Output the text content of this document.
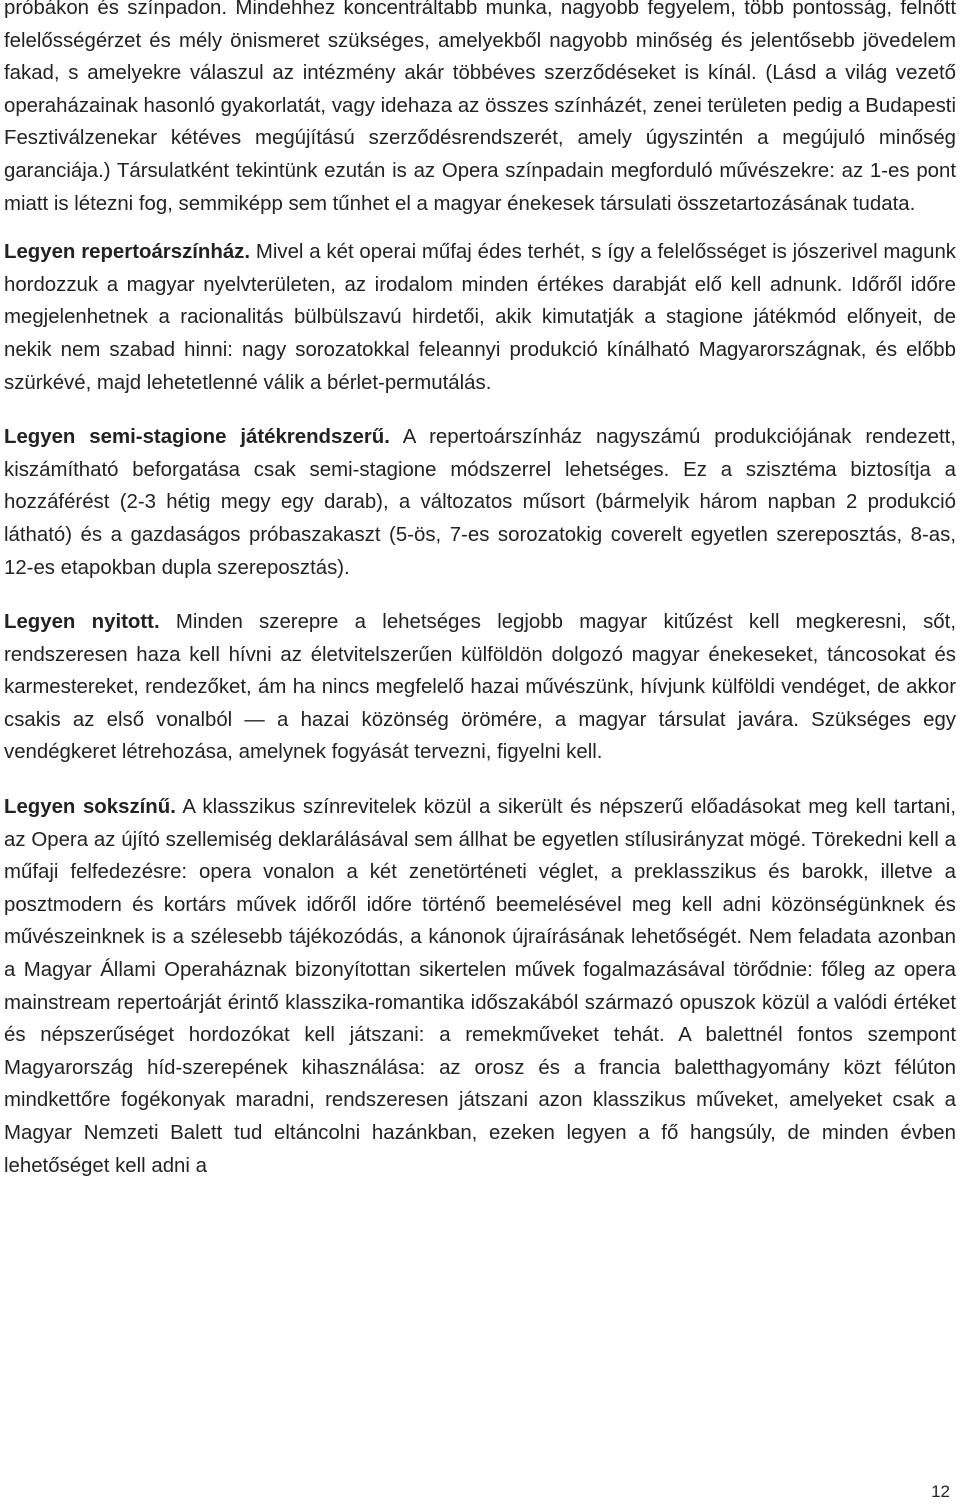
próbákon és színpadon. Mindehhez koncentráltabb munka, nagyobb fegyelem, több pontosság, felnőtt felelősségérzet és mély önismeret szükséges, amelyekből nagyobb minőség és jelentősebb jövedelem fakad, s amelyekre válaszul az intézmény akár többéves szerződéseket is kínál. (Lásd a világ vezető operaházainak hasonló gyakorlatát, vagy idehaza az összes színházét, zenei területen pedig a Budapesti Fesztiválzenekar kétéves megújítású szerződésrendszerét, amely úgyszintén a megújuló minőség garanciája.) Társulatként tekintünk ezután is az Opera színpadain megforduló művészekre: az 1-es pont miatt is létezni fog, semmiképp sem tűnhet el a magyar énekesek társulati összetartozásának tudata.

Legyen repertoárszínház. Mivel a két operai műfaj édes terhét, s így a felelősséget is jószerivel magunk hordozzuk a magyar nyelvterületen, az irodalom minden értékes darabját elő kell adnunk. Időről időre megjelenhetnek a racionalitás bülbülszavú hirdetői, akik kimutatják a stagione játékmód előnyeit, de nekik nem szabad hinni: nagy sorozatokkal feleannyi produkció kínálható Magyarországnak, és előbb szürkévé, majd lehetetlenné válik a bérlet-permutálás.

Legyen semi-stagione játékrendszerű. A repertoárszínház nagyszámú produkciójának rendezett, kiszámítható beforgatása csak semi-stagione módszerrel lehetséges. Ez a szisztéma biztosítja a hozzáférést (2-3 hétig megy egy darab), a változatos műsort (bármelyik három napban 2 produkció látható) és a gazdaságos próbaszakaszt (5-ös, 7-es sorozatokig coverelt egyetlen szereposztás, 8-as, 12-es etapokban dupla szereposztás).

Legyen nyitott. Minden szerepre a lehetséges legjobb magyar kitűzést kell megkeresni, sőt, rendszeresen haza kell hívni az életvitelszerűen külföldön dolgozó magyar énekeseket, táncosokat és karmestereket, rendezőket, ám ha nincs megfelelő hazai művészünk, hívjunk külföldi vendéget, de akkor csakis az első vonalból — a hazai közönség örömére, a magyar társulat javára. Szükséges egy vendégkeret létrehozása, amelynek fogyását tervezni, figyelni kell.

Legyen sokszínű. A klasszikus színrevitelek közül a sikerült és népszerű előadásokat meg kell tartani, az Opera az újító szellemiség deklarálásával sem állhat be egyetlen stílusirányzat mögé. Törekedni kell a műfaji felfedezésre: opera vonalon a két zenetörténeti véglet, a preklasszikus és barokk, illetve a posztmodern és kortárs művek időről időre történő beemelésével meg kell adni közönségünknek és művészeinknek is a szélesebb tájékozódás, a kánonok újraírásának lehetőségét. Nem feladata azonban a Magyar Állami Operaháznak bizonyítottan sikertelen művek fogalmazásával törődnie: főleg az opera mainstream repertoárját érintő klasszika-romantika időszakából származó opuszok közül a valódi értéket és népszerűséget hordozókat kell játszani: a remekműveket tehát. A balettnél fontos szempont Magyarország híd-szerepének kihasználása: az orosz és a francia baletthagyomány közt félúton mindkettőre fogékonyak maradni, rendszeresen játszani azon klasszikus műveket, amelyeket csak a Magyar Nemzeti Balett tud eltáncolni hazánkban, ezeken legyen a fő hangsúly, de minden évben lehetőséget kell adni a

12
